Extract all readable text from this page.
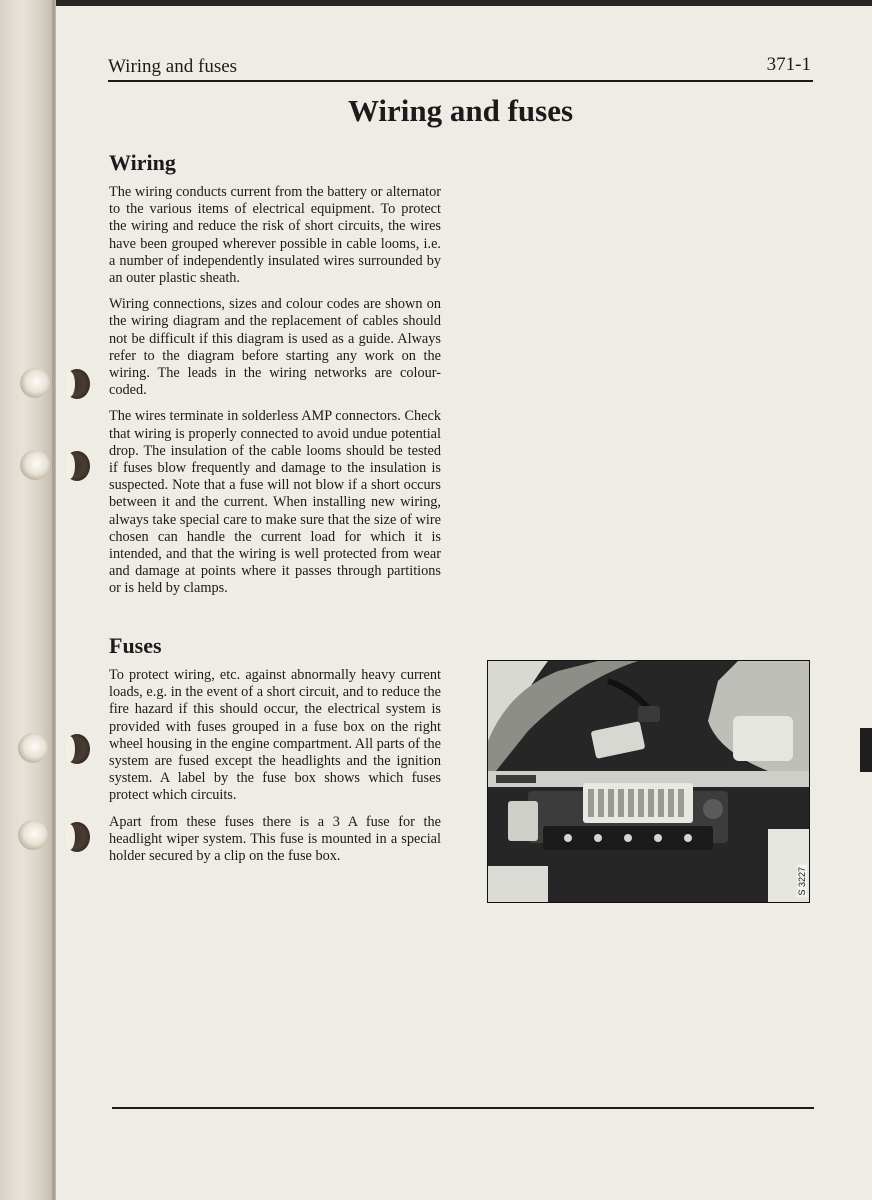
Wiring and fuses	371-1
Wiring and fuses
Wiring

The wiring conducts current from the battery or alternator to the various items of electrical equipment. To protect the wiring and reduce the risk of short circuits, the wires have been grouped wherever possible in cable looms, i.e. a number of independently insulated wires surrounded by an outer plastic sheath.

Wiring connections, sizes and colour codes are shown on the wiring diagram and the replacement of cables should not be difficult if this diagram is used as a guide. Always refer to the diagram before starting any work on the wiring. The leads in the wiring networks are colour-coded.

The wires terminate in solderless AMP connectors. Check that wiring is properly connected to avoid undue potential drop. The insulation of the cable looms should be tested if fuses blow frequently and damage to the insulation is suspected. Note that a fuse will not blow if a short occurs between it and the current. When installing new wiring, always take special care to make sure that the size of wire chosen can handle the current load for which it is intended, and that the wiring is well protected from wear and damage at points where it passes through partitions or is held by clamps.

Fuses

To protect wiring, etc. against abnormally heavy current loads, e.g. in the event of a short circuit, and to reduce the fire hazard if this should occur, the electrical system is provided with fuses grouped in a fuse box on the right wheel housing in the engine compartment. All parts of the system are fused except the headlights and the ignition system. A label by the fuse box shows which fuses protect which circuits.

Apart from these fuses there is a 3 A fuse for the headlight wiper system. This fuse is mounted in a special holder secured by a clip on the fuse box.

S 3227
